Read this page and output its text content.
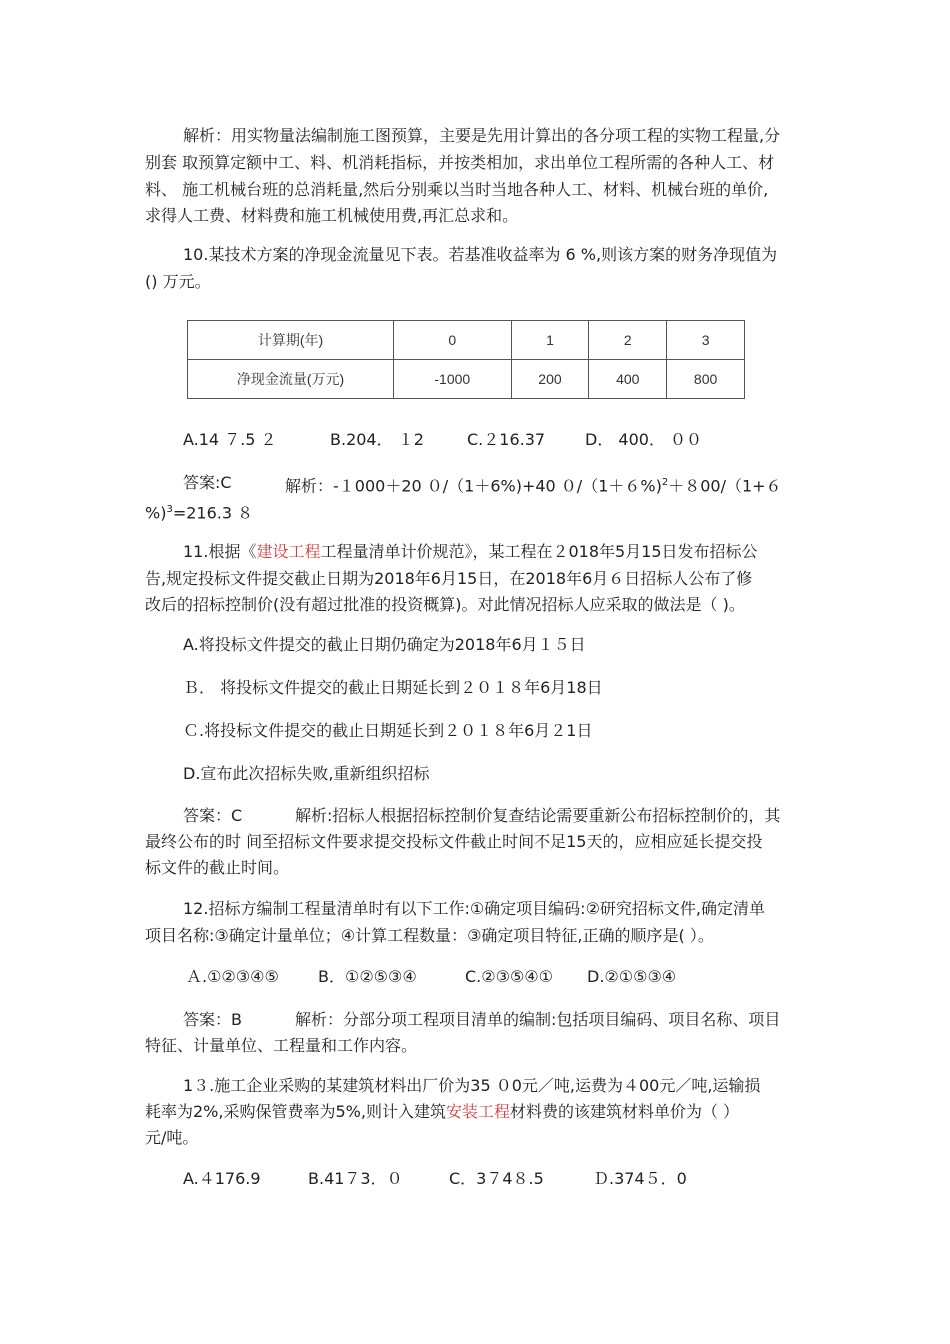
解析：用实物量法编制施工图预算，主要是先用计算出的各分项工程的实物工程量,分
别套 取预算定额中工、料、机消耗指标，并按类相加，求出单位工程所需的各种人工、材
料、 施工机械台班的总消耗量,然后分别乘以当时当地各种人工、材料、机械台班的单价,
求得人工费、材料费和施工机械使用费,再汇总求和。
10.某技术方案的净现金流量见下表。若基准收益率为 6 %,则该方案的财务净现值为
() 万元。
计算期(年)	0	1	2	3
净现金流量(万元)	-1000	200	400	800
A.14 ７.5 ２	B.204． １2	C.２16.37 D． 400． ００
答案:C	解析：-１000＋20 ０/（1＋6%)+40 ０/（1＋６%)$^2$＋８00/（1+６
%)$^3$=216.3 ８
11.根据《建设工程工程量清单计价规范》，某工程在２018年5月15日发布招标公
告,规定投标文件提交截止日期为2018年6月15日，在2018年6月６日招标人公布了修
改后的招标控制价(没有超过批准的投资概算)。对此情况招标人应采取的做法是（ )。
A.将投标文件提交的截止日期仍确定为2018年6月１５日
Ｂ． 将投标文件提交的截止日期延长到２０１８年6月18日
Ｃ.将投标文件提交的截止日期延长到２０１８年6月２1日
D.宣布此次招标失败,重新组织招标
答案：C	解析:招标人根据招标控制价复查结论需要重新公布招标控制价的，其
最终公布的时 间至招标文件要求提交投标文件截止时间不足15天的，应相应延长提交投
标文件的截止时间。
12.招标方编制工程量清单时有以下工作:①确定项目编码:②研究招标文件,确定清单
项目名称:③确定计量单位；④计算工程数量：③确定项目特征,正确的顺序是( ）。
Ａ.①②③④⑤ B．①②⑤③④	C.②③⑤④① D.②①⑤③④
答案：B	解析：分部分项工程项目清单的编制:包括项目编码、项目名称、项目
特征、计量单位、工程量和工作内容。
1３.施工企业采购的某建筑材料出厂价为35 ０0元／吨,运费为４00元／吨,运输损
耗率为2%,采购保管费率为5%,则计入建筑安装工程材料费的该建筑材料单价为（ ）
元/吨。
A.４176.9	B.41７3．０	C．3７4８.5	Ｄ.374５．0
